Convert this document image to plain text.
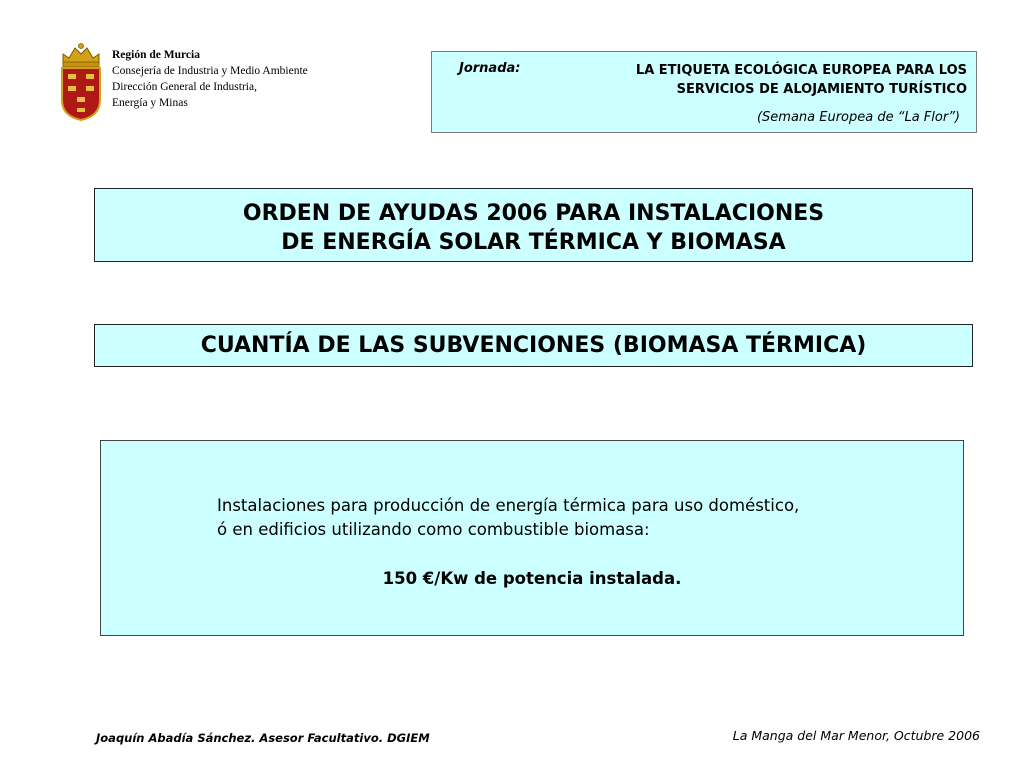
Región de Murcia
Consejería de Industria y Medio Ambiente
Dirección General de Industria,
Energía y Minas
Jornada:	LA ETIQUETA ECOLÓGICA EUROPEA PARA LOS
SERVICIOS DE ALOJAMIENTO TURÍSTICO
(Semana Europea de “La Flor”)
ORDEN DE AYUDAS 2006 PARA INSTALACIONES
DE ENERGÍA SOLAR TÉRMICA Y BIOMASA
CUANTÍA DE LAS SUBVENCIONES (BIOMASA TÉRMICA)
Instalaciones para producción de energía térmica para uso doméstico,
ó en edificios utilizando como combustible biomasa:
150 €/Kw de potencia instalada.
Joaquín Abadía Sánchez. Asesor Facultativo. DGIEM	La Manga del Mar Menor, Octubre 2006
